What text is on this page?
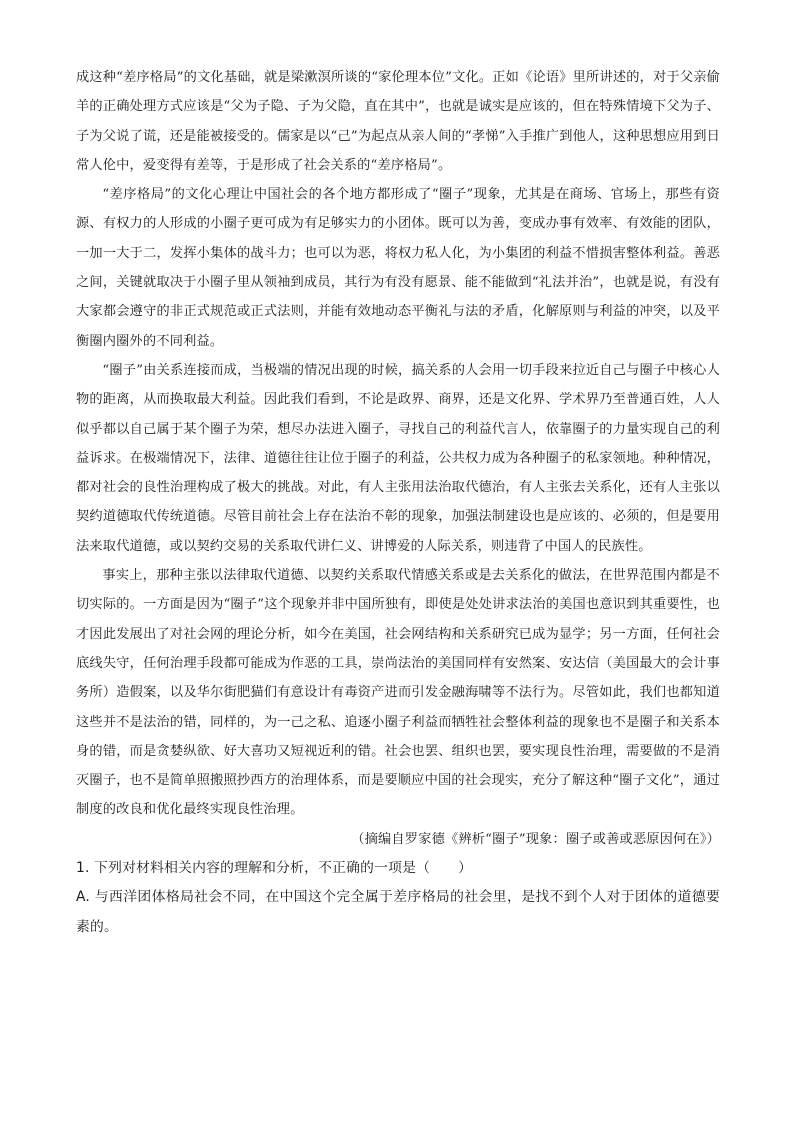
成这种“差序格局”的文化基础，就是梁漱溟所谈的“家伦理本位”文化。正如《论语》里所讲述的，对于父亲偷羊的正确处理方式应该是“父为子隐、子为父隐，直在其中”，也就是诚实是应该的，但在特殊情境下父为子、子为父说了谎，还是能被接受的。儒家是以“己”为起点从亲人间的“孝悌”入手推广到他人，这种思想应用到日常人伦中，爱变得有差等，于是形成了社会关系的“差序格局”。

“差序格局”的文化心理让中国社会的各个地方都形成了“圈子”现象，尤其是在商场、官场上，那些有资源、有权力的人形成的小圈子更可成为有足够实力的小团体。既可以为善，变成办事有效率、有效能的团队，一加一大于二，发挥小集体的战斗力；也可以为恶，将权力私人化，为小集团的利益不惜损害整体利益。善恶之间，关键就取决于小圈子里从领袖到成员，其行为有没有愿景、能不能做到“礼法并治”，也就是说，有没有大家都会遵守的非正式规范或正式法则，并能有效地动态平衡礼与法的矛盾，化解原则与利益的冲突，以及平衡圈内圈外的不同利益。

“圈子”由关系连接而成，当极端的情况出现的时候，搞关系的人会用一切手段来拉近自己与圈子中核心人物的距离，从而换取最大利益。因此我们看到，不论是政界、商界，还是文化界、学术界乃至普通百姓，人人似乎都以自己属于某个圈子为荣，想尽办法进入圈子，寻找自己的利益代言人，依靠圈子的力量实现自己的利益诉求。在极端情况下，法律、道德往往让位于圈子的利益，公共权力成为各种圈子的私家领地。种种情况，都对社会的良性治理构成了极大的挑战。对此，有人主张用法治取代德治，有人主张去关系化，还有人主张以契约道德取代传统道德。尽管目前社会上存在法治不彰的现象，加强法制建设也是应该的、必须的，但是要用法来取代道德，或以契约交易的关系取代讲仁义、讲博爱的人际关系，则违背了中国人的民族性。

事实上，那种主张以法律取代道德、以契约关系取代情感关系或是去关系化的做法，在世界范围内都是不切实际的。一方面是因为“圈子”这个现象并非中国所独有，即使是处处讲求法治的美国也意识到其重要性，也才因此发展出了对社会网的理论分析，如今在美国，社会网结构和关系研究已成为显学；另一方面，任何社会底线失守，任何治理手段都可能成为作恶的工具，崇尚法治的美国同样有安然案、安达信（美国最大的会计事务所）造假案，以及华尔街肥猫们有意设计有毒资产进而引发金融海啸等不法行为。尽管如此，我们也都知道这些并不是法治的错，同样的，为一己之私、追逐小圈子利益而牺牲社会整体利益的现象也不是圈子和关系本身的错，而是贪婪纵欲、好大喜功又短视近利的错。社会也罢、组织也罢，要实现良性治理，需要做的不是消灭圈子，也不是简单照搬照抄西方的治理体系，而是要顺应中国的社会现实，充分了解这种“圈子文化”，通过制度的改良和优化最终实现良性治理。

（摘编自罗家德《辨析“圈子”现象：圈子或善或恶原因何在》）

1. 下列对材料相关内容的理解和分析，不正确的一项是（　　）

A. 与西洋团体格局社会不同，在中国这个完全属于差序格局的社会里，是找不到个人对于团体的道德要素的。
